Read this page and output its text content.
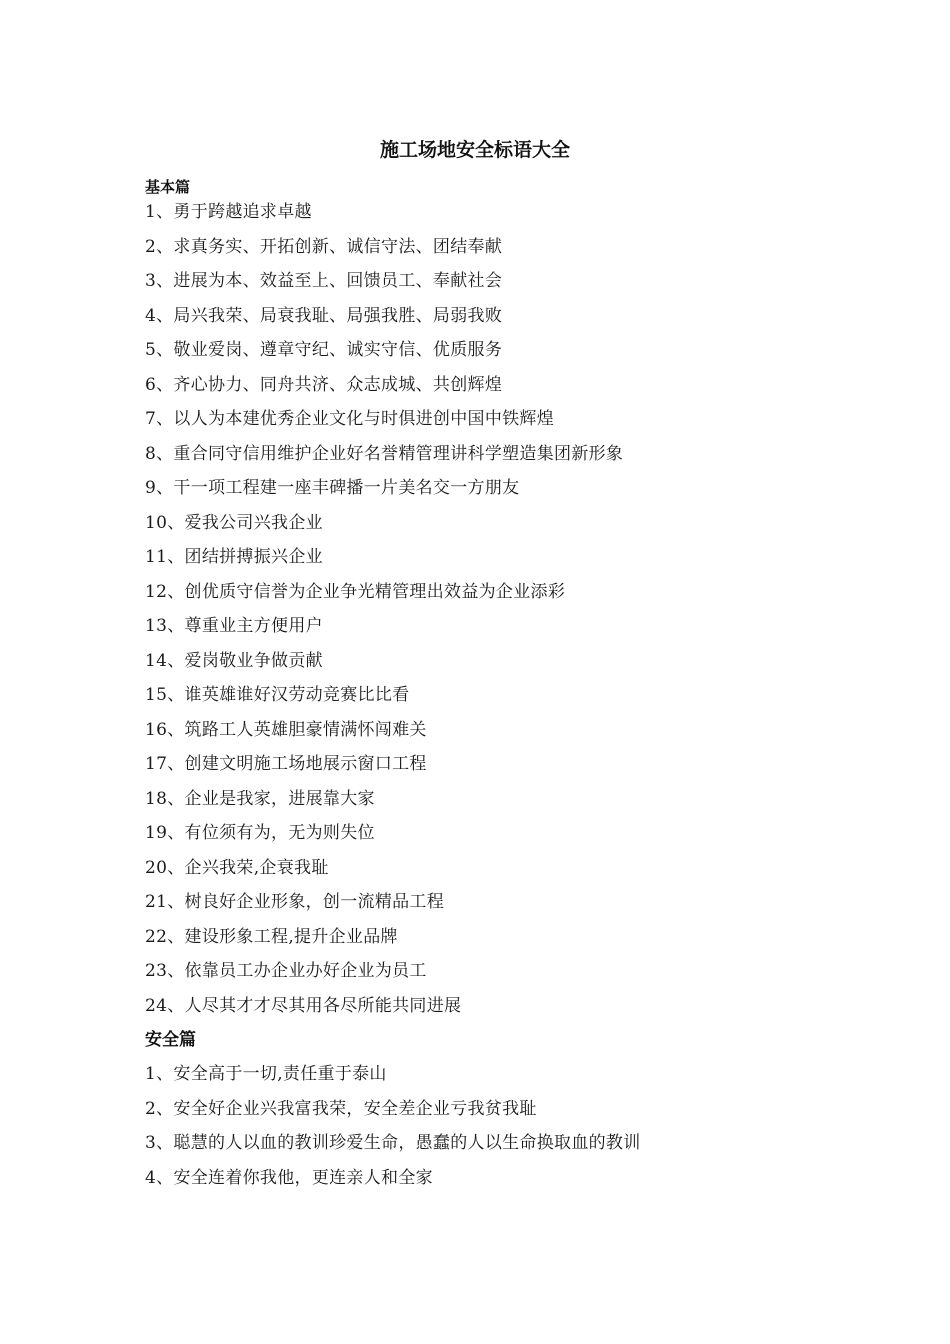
施工场地安全标语大全
基本篇
1、勇于跨越追求卓越
2、求真务实、开拓创新、诚信守法、团结奉献
3、进展为本、效益至上、回馈员工、奉献社会
4、局兴我荣、局衰我耻、局强我胜、局弱我败
5、敬业爱岗、遵章守纪、诚实守信、优质服务
6、齐心协力、同舟共济、众志成城、共创辉煌
7、以人为本建优秀企业文化与时俱进创中国中铁辉煌
8、重合同守信用维护企业好名誉精管理讲科学塑造集团新形象
9、干一项工程建一座丰碑播一片美名交一方朋友
10、爱我公司兴我企业
11、团结拼搏振兴企业
12、创优质守信誉为企业争光精管理出效益为企业添彩
13、尊重业主方便用户
14、爱岗敬业争做贡献
15、谁英雄谁好汉劳动竞赛比比看
16、筑路工人英雄胆豪情满怀闯难关
17、创建文明施工场地展示窗口工程
18、企业是我家，进展靠大家
19、有位须有为，无为则失位
20、企兴我荣,企衰我耻
21、树良好企业形象，创一流精品工程
22、建设形象工程,提升企业品牌
23、依靠员工办企业办好企业为员工
24、人尽其才才尽其用各尽所能共同进展
安全篇
1、安全高于一切,责任重于泰山
2、安全好企业兴我富我荣，安全差企业亏我贫我耻
3、聪慧的人以血的教训珍爱生命，愚蠢的人以生命换取血的教训
4、安全连着你我他，更连亲人和全家
